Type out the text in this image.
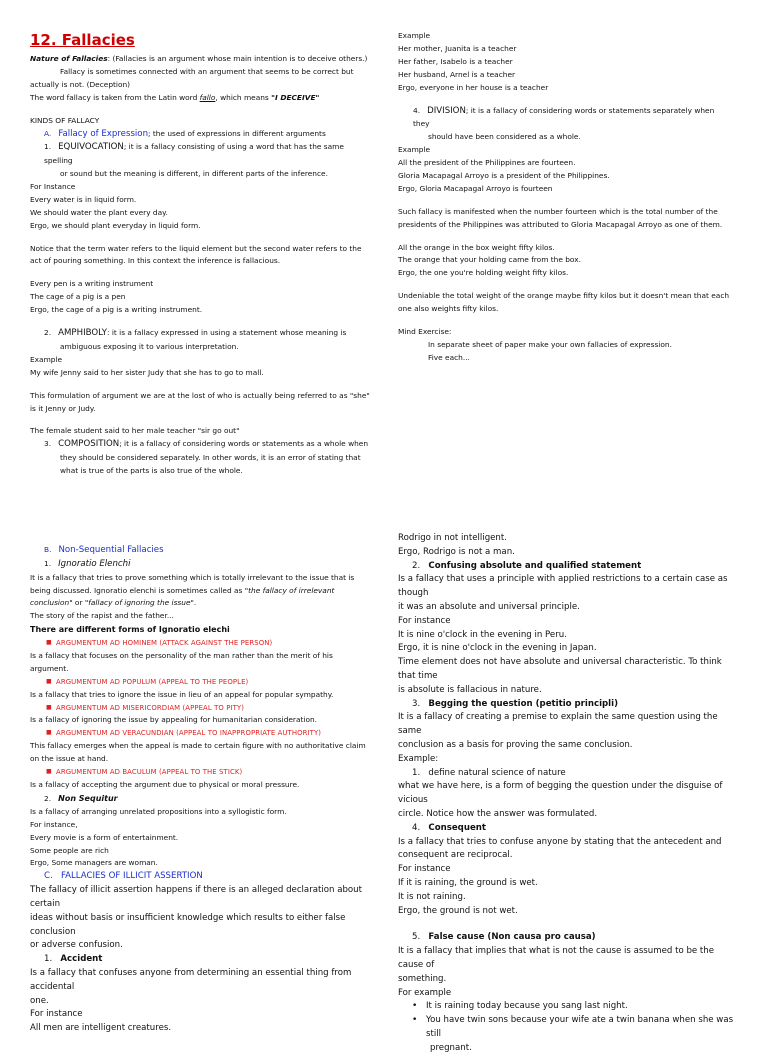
12. Fallacies

Nature of Fallacies: (Fallacies is an argument whose main intention is to deceive others.)

Fallacy is sometimes connected with an argument that seems to be correct but

actually is not. (Deception)

The word fallacy is taken from the Latin word fallo, which means "I DECEIVE"

KINDS OF FALLACY

A. Fallacy of Expression; the used of expressions in different arguments

1. EQUIVOCATION; it is a fallacy consisting of using a word that has the same spelling

or sound but the meaning is different, in different parts of the inference.

For Instance

Every water is in liquid form.

We should water the plant every day.

Ergo, we should plant everyday in liquid form.

Notice that the term water refers to the liquid element but the second water refers to the

act of pouring something. In this context the inference is fallacious.

Every pen is a writing instrument

The cage of a pig is a pen

Ergo, the cage of a pig is a writing instrument.

2. AMPHIBOLY: it is a fallacy expressed in using a statement whose meaning is

ambiguous exposing it to various interpretation.

Example

My wife Jenny said to her sister Judy that she has to go to mall.

This formulation of argument we are at the lost of who is actually being referred to as "she"

is it Jenny or Judy.

The female student said to her male teacher "sir go out"

3. COMPOSITION; it is a fallacy of considering words or statements as a whole when

they should be considered separately. In other words, it is an error of stating that

what is true of the parts is also true of the whole.

Example

Her mother, Juanita is a teacher

Her father, Isabelo is a teacher

Her husband, Arnel is a teacher

Ergo, everyone in her house is a teacher

4. DIVISION; it is a fallacy of considering words or statements separately when they

should have been considered as a whole.

Example

All the president of the Philippines are fourteen.

Gloria Macapagal Arroyo is a president of the Philippines.

Ergo, Gloria Macapagal Arroyo is fourteen

Such fallacy is manifested when the number fourteen which is the total number of the

presidents of the Philippines was attributed to Gloria Macapagal Arroyo as one of them.

All the orange in the box weight fifty kilos.

The orange that your holding came from the box.

Ergo, the one you're holding weight fifty kilos.

Undeniable the total weight of the orange maybe fifty kilos but it doesn't mean that each

one also weights fifty kilos.

Mind Exercise:

In separate sheet of paper make your own fallacies of expression.

Five each...

B. Non-Sequential Fallacies

1. Ignoratio Elenchi

It is a fallacy that tries to prove something which is totally irrelevant to the issue that is

being discussed. Ignoratio elenchi is sometimes called as "the fallacy of irrelevant

conclusion" or "fallacy of ignoring the issue".

The story of the rapist and the father...

There are different forms of Ignoratio elechi

■ ARGUMENTUM AD HOMINEM (ATTACK AGAINST THE PERSON)

Is a fallacy that focuses on the personality of the man rather than the merit of his argument.

■ ARGUMENTUM AD POPULUM (APPEAL TO THE PEOPLE)

Is a fallacy that tries to ignore the issue in lieu of an appeal for popular sympathy.

■ ARGUMENTUM AD MISERICORDIAM (APPEAL TO PITY)

Is a fallacy of ignoring the issue by appealing for humanitarian consideration.

■ ARGUMENTUM AD VERACUNDIAN (APPEAL TO INAPPROPRIATE AUTHORITY)

This fallacy emerges when the appeal is made to certain figure with no authoritative claim

on the issue at hand.

■ ARGUMENTUM AD BACULUM (APPEAL TO THE STICK)

Is a fallacy of accepting the argument due to physical or moral pressure.

2. Non Sequitur

Is a fallacy of arranging unrelated propositions into a syllogistic form.

For instance,

Every movie is a form of entertainment.

Some people are rich

Ergo, Some managers are woman.

C. FALLACIES OF ILLICIT ASSERTION

The fallacy of illicit assertion happens if there is an alleged declaration about certain

ideas without basis or insufficient knowledge which results to either false conclusion

or adverse confusion.

1. Accident

Is a fallacy that confuses anyone from determining an essential thing from accidental

one.

For instance

All men are intelligent creatures.

Rodrigo in not intelligent.

Ergo, Rodrigo is not a man.

2. Confusing absolute and qualified statement

Is a fallacy that uses a principle with applied restrictions to a certain case as though

it was an absolute and universal principle.

For instance

It is nine o'clock in the evening in Peru.

Ergo, it is nine o'clock in the evening in Japan.

Time element does not have absolute and universal characteristic. To think that time

is absolute is fallacious in nature.

3. Begging the question (petitio principli)

It is a fallacy of creating a premise to explain the same question using the same

conclusion as a basis for proving the same conclusion.

Example:

1. define natural science of nature

what we have here, is a form of begging the question under the disguise of vicious

circle. Notice how the answer was formulated.

4. Consequent

Is a fallacy that tries to confuse anyone by stating that the antecedent and

consequent are reciprocal.

For instance

If it is raining, the ground is wet.

It is not raining.

Ergo, the ground is not wet.

5. False cause (Non causa pro causa)

It is a fallacy that implies that what is not the cause is assumed to be the cause of

something.

For example

•	It is raining today because you sang last night.
•	You have twin sons because your wife ate a twin banana when she was still

pregnant.
